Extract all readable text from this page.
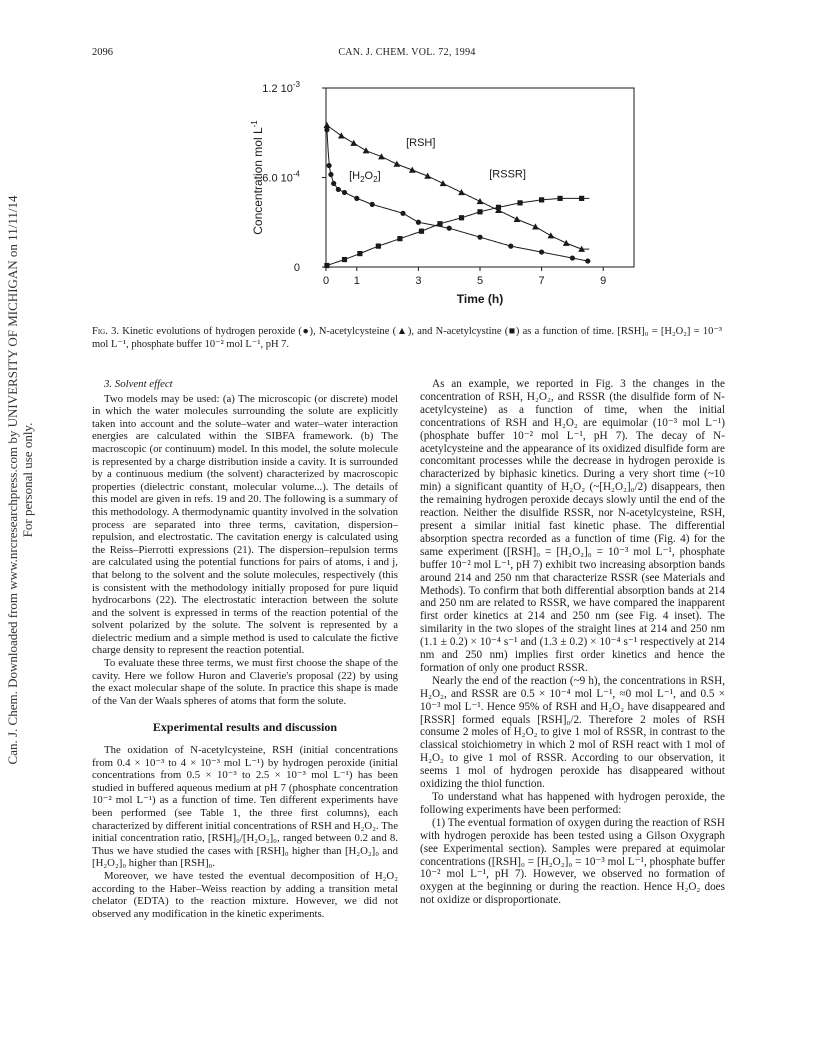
Can. J. Chem. Downloaded from www.nrcresearchpress.com by UNIVERSITY OF MICHIGAN on 11/11/14 For personal use only.
2096	CAN. J. CHEM. VOL. 72, 1994
0 1	3	5	7	9
0
6.0 $10^{-4}$
1.2 $10^{-3}$
Time (h)
Concentration mol $L^{-1}$
[RSH]
$[H_2O_2]$	[RSSR]
Fig. 3. Kinetic evolutions of hydrogen peroxide (●), N-acetylcysteine (▲), and N-acetylcystine (■) as a function of time. [RSH]₀ = [H₂O₂] = 10⁻³ mol L⁻¹, phosphate buffer 10⁻² mol L⁻¹, pH 7.

3. Solvent effect

Two models may be used: (a) The microscopic (or discrete) model in which the water molecules surrounding the solute are explicitly taken into account and the solute–water and water–water interaction energies are calculated within the SIBFA framework. (b) The macroscopic (or continuum) model. In this model, the solute molecule is represented by a charge distribution inside a cavity. It is surrounded by a continuous medium (the solvent) characterized by macroscopic properties (dielectric constant, molecular volume...). The details of this model are given in refs. 19 and 20. The following is a summary of this methodology. A thermodynamic quantity involved in the solvation process are separated into three terms, cavitation, dispersion–repulsion, and electrostatic. The cavitation energy is calculated using the Reiss–Pierrotti expressions (21). The dispersion–repulsion terms are calculated using the potential functions for pairs of atoms, i and j, that belong to the solvent and the solute molecules, respectively (this is consistent with the methodology initially proposed for pure liquid hydrocarbons (22). The electrostatic interaction between the solute and the solvent is expressed in terms of the reaction potential of the solvent polarized by the solute. The solvent is represented by a dielectric medium and a simple method is used to calculate the fictive charge density to represent the reaction potential.

To evaluate these three terms, we must first choose the shape of the cavity. Here we follow Huron and Claverie's proposal (22) by using the exact molecular shape of the solute. In practice this shape is made of the Van der Waals spheres of atoms that form the solute.

Experimental results and discussion

The oxidation of N-acetylcysteine, RSH (initial concentrations from 0.4 × 10⁻³ to 4 × 10⁻³ mol L⁻¹) by hydrogen peroxide (initial concentrations from 0.5 × 10⁻³ to 2.5 × 10⁻³ mol L⁻¹) has been studied in buffered aqueous medium at pH 7 (phosphate concentration 10⁻² mol L⁻¹) as a function of time. Ten different experiments have been performed (see Table 1, the three first columns), each characterized by different initial concentrations of RSH and H₂O₂. The initial concentration ratio, [RSH]₀/[H₂O₂]₀, ranged between 0.2 and 8. Thus we have studied the cases with [RSH]₀ higher than [H₂O₂]₀ and [H₂O₂]₀ higher than [RSH]₀.

Moreover, we have tested the eventual decomposition of H₂O₂ according to the Haber–Weiss reaction by adding a transition metal chelator (EDTA) to the reaction mixture. However, we did not observed any modification in the kinetic experiments.

As an example, we reported in Fig. 3 the changes in the concentration of RSH, H₂O₂, and RSSR (the disulfide form of N-acetylcysteine) as a function of time, when the initial concentrations of RSH and H₂O₂ are equimolar (10⁻³ mol L⁻¹) (phosphate buffer 10⁻² mol L⁻¹, pH 7). The decay of N-acetylcysteine and the appearance of its oxidized disulfide form are concomitant processes while the decrease in hydrogen peroxide is characterized by biphasic kinetics. During a very short time (~10 min) a significant quantity of H₂O₂ (~[H₂O₂]₀/2) disappears, then the remaining hydrogen peroxide decays slowly until the end of the reaction. Neither the disulfide RSSR, nor N-acetylcysteine, RSH, present a similar initial fast kinetic phase. The differential absorption spectra recorded as a function of time (Fig. 4) for the same experiment ([RSH]₀ = [H₂O₂]₀ = 10⁻³ mol L⁻¹, phosphate buffer 10⁻² mol L⁻¹, pH 7) exhibit two increasing absorption bands around 214 and 250 nm that characterize RSSR (see Materials and Methods). To confirm that both differential absorption bands at 214 and 250 nm are related to RSSR, we have compared the inapparent first order kinetics at 214 and 250 nm (see Fig. 4 inset). The similarity in the two slopes of the straight lines at 214 and 250 nm (1.1 ± 0.2) × 10⁻⁴ s⁻¹ and (1.3 ± 0.2) × 10⁻⁴ s⁻¹ respectively at 214 nm and 250 nm) implies first order kinetics and hence the formation of only one product RSSR.

Nearly the end of the reaction (~9 h), the concentrations in RSH, H₂O₂, and RSSR are 0.5 × 10⁻⁴ mol L⁻¹, ≈0 mol L⁻¹, and 0.5 × 10⁻³ mol L⁻¹. Hence 95% of RSH and H₂O₂ have disappeared and [RSSR] formed equals [RSH]₀/2. Therefore 2 moles of RSH consume 2 moles of H₂O₂ to give 1 mol of RSSR, in contrast to the classical stoichiometry in which 2 mol of RSH react with 1 mol of H₂O₂ to give 1 mol of RSSR. According to our observation, it seems 1 mol of hydrogen peroxide has disappeared without oxidizing the thiol function.

To understand what has happened with hydrogen peroxide, the following experiments have been performed:

(1) The eventual formation of oxygen during the reaction of RSH with hydrogen peroxide has been tested using a Gilson Oxygraph (see Experimental section). Samples were prepared at equimolar concentrations ([RSH]₀ = [H₂O₂]₀ = 10⁻³ mol L⁻¹, phosphate buffer 10⁻² mol L⁻¹, pH 7). However, we observed no formation of oxygen at the beginning or during the reaction. Hence H₂O₂ does not oxidize or disproportionate.
